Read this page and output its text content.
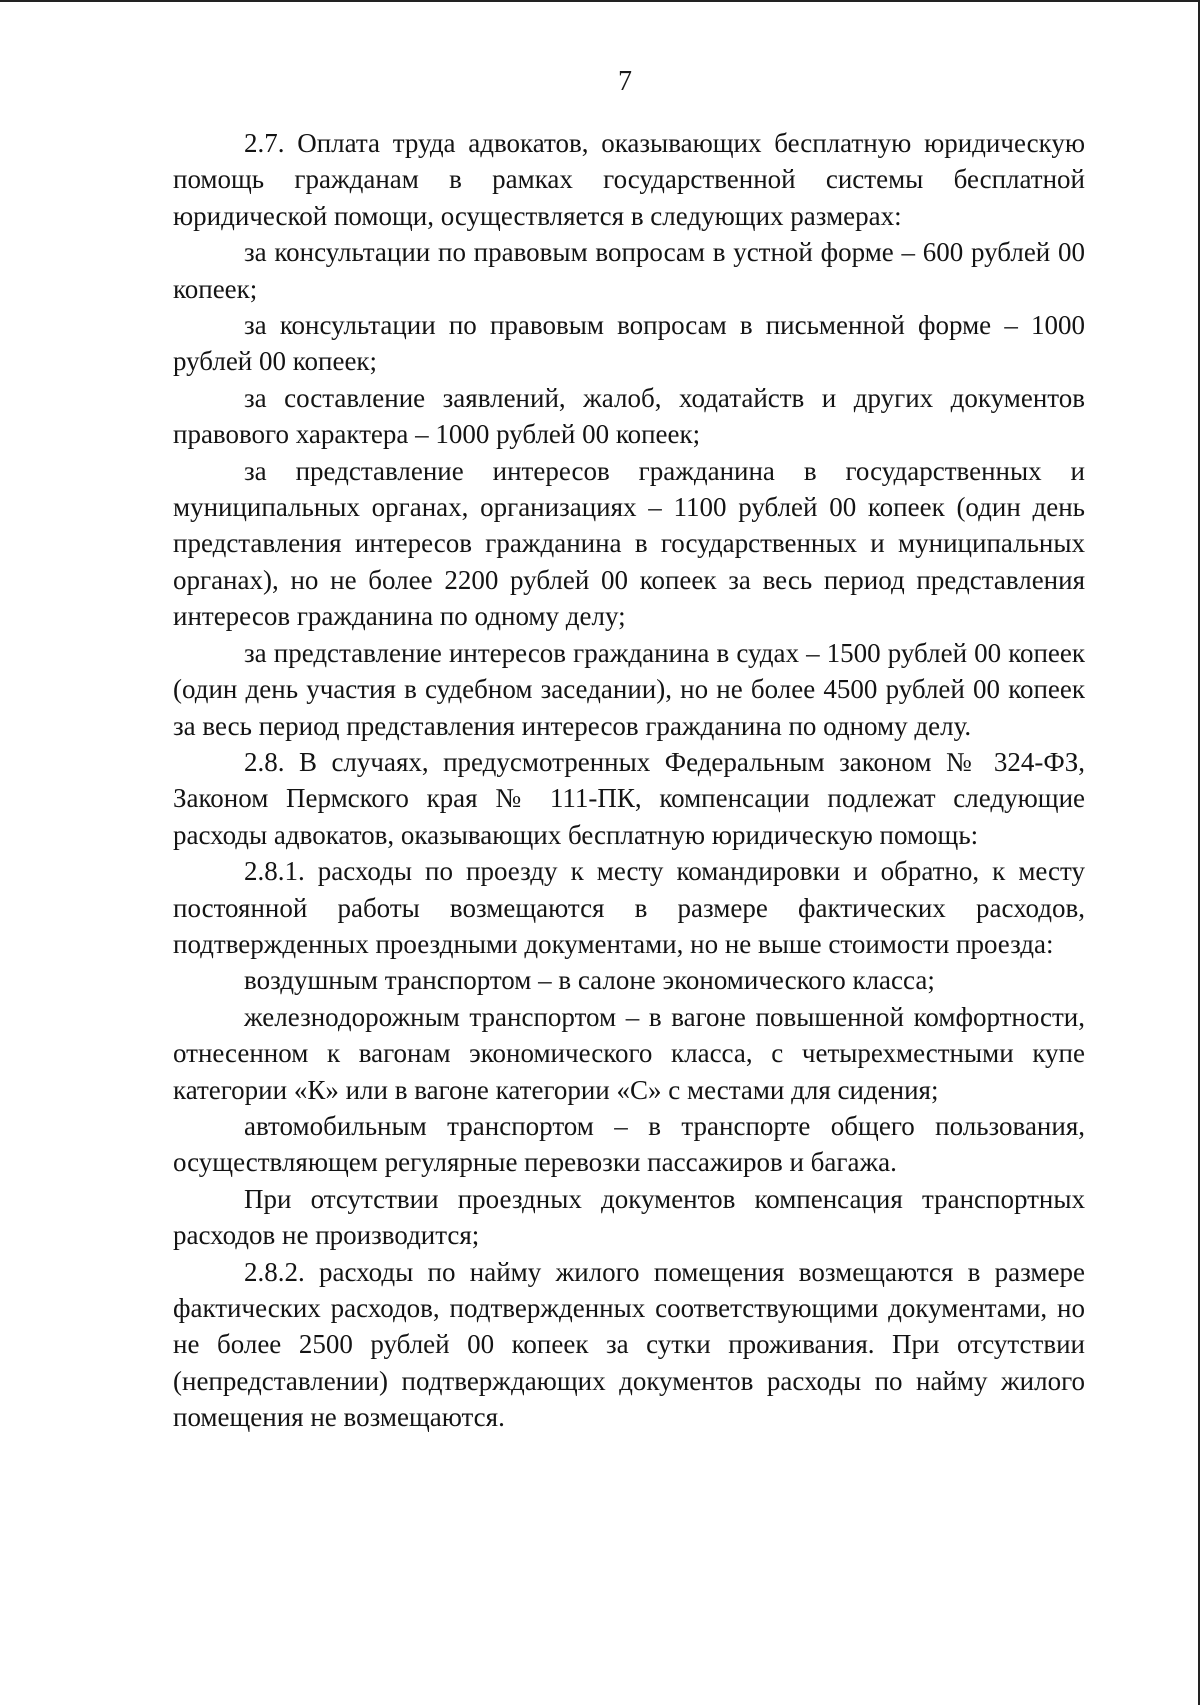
7

2.7. Оплата труда адвокатов, оказывающих бесплатную юридическую помощь гражданам в рамках государственной системы бесплатной юридической помощи, осуществляется в следующих размерах:

за консультации по правовым вопросам в устной форме – 600 рублей 00 копеек;

за консультации по правовым вопросам в письменной форме – 1000 рублей 00 копеек;

за составление заявлений, жалоб, ходатайств и других документов правового характера – 1000 рублей 00 копеек;

за представление интересов гражданина в государственных и муниципальных органах, организациях – 1100 рублей 00 копеек (один день представления интересов гражданина в государственных и муниципальных органах), но не более 2200 рублей 00 копеек за весь период представления интересов гражданина по одному делу;

за представление интересов гражданина в судах – 1500 рублей 00 копеек (один день участия в судебном заседании), но не более 4500 рублей 00 копеек за весь период представления интересов гражданина по одному делу.

2.8. В случаях, предусмотренных Федеральным законом № 324-ФЗ, Законом Пермского края № 111-ПК, компенсации подлежат следующие расходы адвокатов, оказывающих бесплатную юридическую помощь:

2.8.1. расходы по проезду к месту командировки и обратно, к месту постоянной работы возмещаются в размере фактических расходов, подтвержденных проездными документами, но не выше стоимости проезда:

воздушным транспортом – в салоне экономического класса;

железнодорожным транспортом – в вагоне повышенной комфортности, отнесенном к вагонам экономического класса, с четырехместными купе категории «К» или в вагоне категории «С» с местами для сидения;

автомобильным транспортом – в транспорте общего пользования, осуществляющем регулярные перевозки пассажиров и багажа.

При отсутствии проездных документов компенсация транспортных расходов не производится;

2.8.2. расходы по найму жилого помещения возмещаются в размере фактических расходов, подтвержденных соответствующими документами, но не более 2500 рублей 00 копеек за сутки проживания. При отсутствии (непредставлении) подтверждающих документов расходы по найму жилого помещения не возмещаются.
